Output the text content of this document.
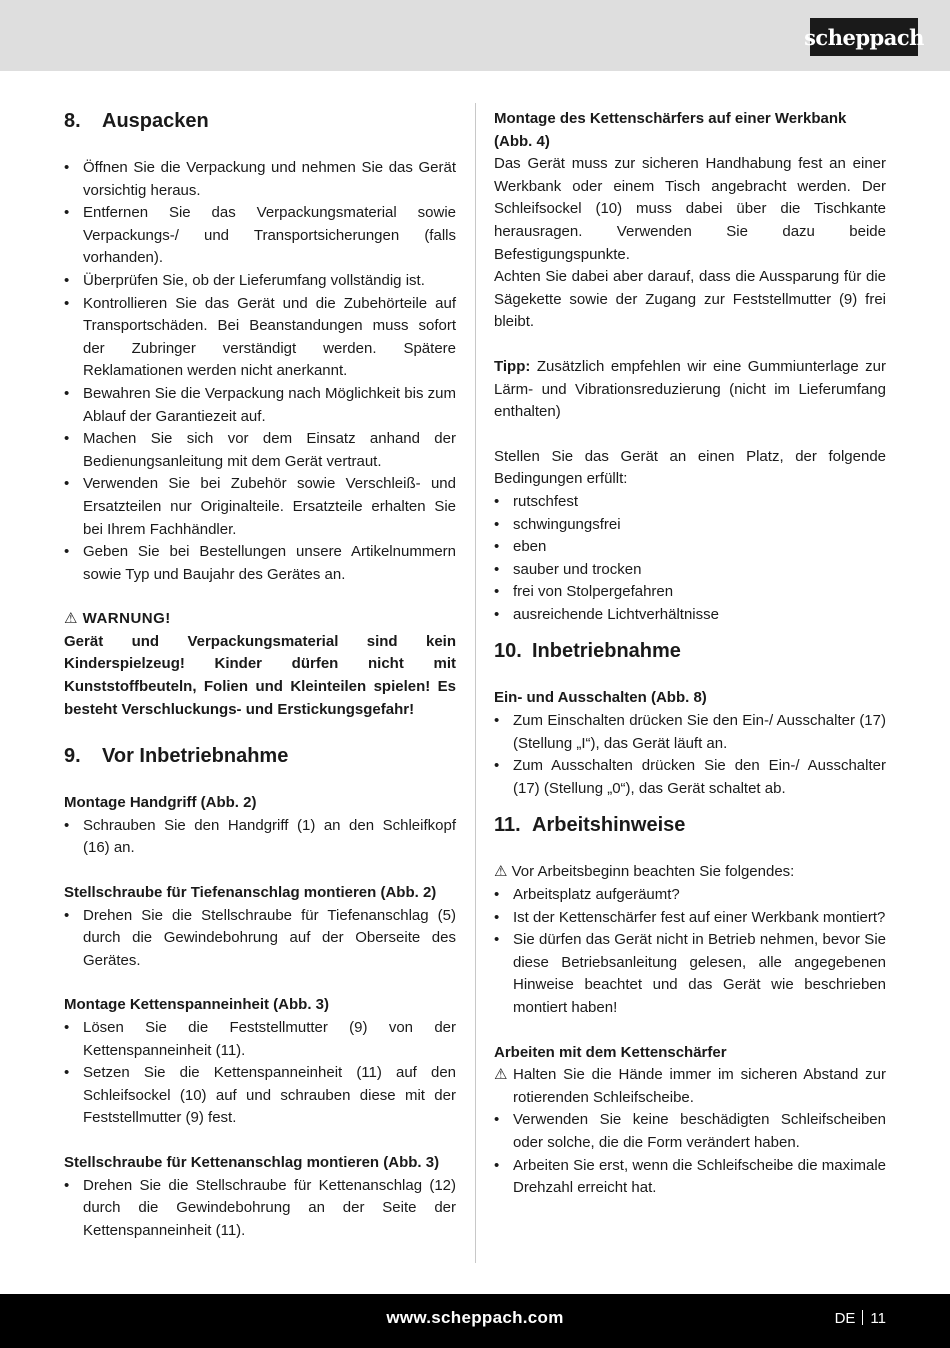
scheppach
8. Auspacken
• Öffnen Sie die Verpackung und nehmen Sie das Gerät vorsichtig heraus.
• Entfernen Sie das Verpackungsmaterial sowie Verpackungs-/ und Transportsicherungen (falls vorhanden).
• Überprüfen Sie, ob der Lieferumfang vollständig ist.
• Kontrollieren Sie das Gerät und die Zubehörteile auf Transportschäden. Bei Beanstandungen muss sofort der Zubringer verständigt werden. Spätere Reklamationen werden nicht anerkannt.
• Bewahren Sie die Verpackung nach Möglichkeit bis zum Ablauf der Garantiezeit auf.
• Machen Sie sich vor dem Einsatz anhand der Bedienungsanleitung mit dem Gerät vertraut.
• Verwenden Sie bei Zubehör sowie Verschleiß- und Ersatzteilen nur Originalteile. Ersatzteile erhalten Sie bei Ihrem Fachhändler.
• Geben Sie bei Bestellungen unsere Artikelnummern sowie Typ und Baujahr des Gerätes an.

⚠ WARNUNG!

Gerät und Verpackungsmaterial sind kein Kinderspielzeug! Kinder dürfen nicht mit Kunststoffbeuteln, Folien und Kleinteilen spielen! Es besteht Verschluckungs- und Erstickungsgefahr!

9. Vor Inbetriebnahme

Montage Handgriff (Abb. 2)

• Schrauben Sie den Handgriff (1) an den Schleifkopf (16) an.

Stellschraube für Tiefenanschlag montieren (Abb. 2)

• Drehen Sie die Stellschraube für Tiefenanschlag (5) durch die Gewindebohrung auf der Oberseite des Gerätes.

Montage Kettenspanneinheit (Abb. 3)

• Lösen Sie die Feststellmutter (9) von der Kettenspanneinheit (11).
• Setzen Sie die Kettenspanneinheit (11) auf den Schleifsockel (10) auf und schrauben diese mit der Feststellmutter (9) fest.

Stellschraube für Kettenanschlag montieren (Abb. 3)

• Drehen Sie die Stellschraube für Kettenanschlag (12) durch die Gewindebohrung an der Seite der Kettenspanneinheit (11).

Montage des Kettenschärfers auf einer Werkbank (Abb. 4)

Das Gerät muss zur sicheren Handhabung fest an einer Werkbank oder einem Tisch angebracht werden. Der Schleifsockel (10) muss dabei über die Tischkante herausragen. Verwenden Sie dazu beide Befestigungspunkte.

Achten Sie dabei aber darauf, dass die Aussparung für die Sägekette sowie der Zugang zur Feststellmutter (9) frei bleibt.

Tipp: Zusätzlich empfehlen wir eine Gummiunterlage zur Lärm- und Vibrationsreduzierung (nicht im Lieferumfang enthalten)

Stellen Sie das Gerät an einen Platz, der folgende Bedingungen erfüllt:

• rutschfest
• schwingungsfrei
• eben
• sauber und trocken
• frei von Stolpergefahren
• ausreichende Lichtverhältnisse
10. Inbetriebnahme

Ein- und Ausschalten (Abb. 8)

• Zum Einschalten drücken Sie den Ein-/ Ausschalter (17) (Stellung „I“), das Gerät läuft an.
• Zum Ausschalten drücken Sie den Ein-/ Ausschalter (17) (Stellung „0“), das Gerät schaltet ab.
11. Arbeitshinweise

⚠ Vor Arbeitsbeginn beachten Sie folgendes:

• Arbeitsplatz aufgeräumt?
• Ist der Kettenschärfer fest auf einer Werkbank montiert?
• Sie dürfen das Gerät nicht in Betrieb nehmen, bevor Sie diese Betriebsanleitung gelesen, alle angegebenen Hinweise beachtet und das Gerät wie beschrieben montiert haben!

Arbeiten mit dem Kettenschärfer

⚠ Halten Sie die Hände immer im sicheren Abstand zur rotierenden Schleifscheibe.
• Verwenden Sie keine beschädigten Schleifscheiben oder solche, die die Form verändert haben.
• Arbeiten Sie erst, wenn die Schleifscheibe die maximale Drehzahl erreicht hat.
www.scheppach.com	DE 11
